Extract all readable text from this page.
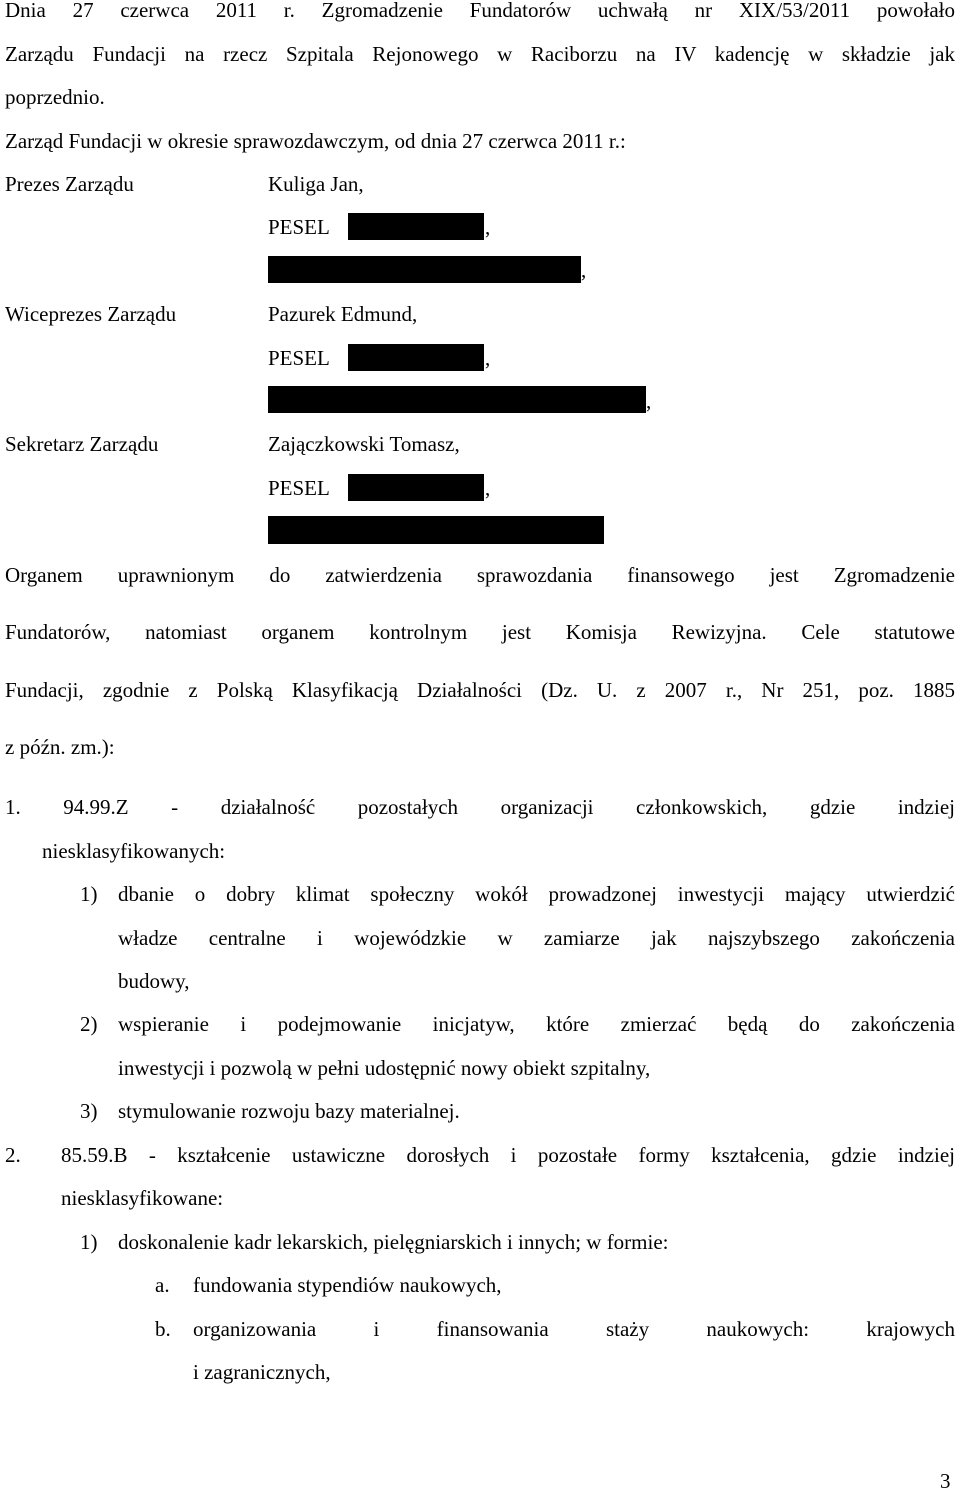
Dnia 27 czerwca 2011 r. Zgromadzenie Fundatorów uchwałą nr XIX/53/2011 powołało
Zarządu Fundacji na rzecz Szpitala Rejonowego w Raciborzu na IV kadencję w składzie jak
poprzednio.
Zarząd Fundacji w okresie sprawozdawczym, od dnia 27 czerwca 2011 r.:
Prezes Zarządu	Kuliga Jan,
PESEL	,
,
Wiceprezes Zarządu	Pazurek Edmund,
PESEL	,
,
Sekretarz Zarządu	Zajączkowski Tomasz,
PESEL	,
Organem uprawnionym do zatwierdzenia sprawozdania finansowego jest Zgromadzenie
Fundatorów, natomiast organem kontrolnym jest Komisja Rewizyjna. Cele statutowe
Fundacji, zgodnie z Polską Klasyfikacją Działalności (Dz. U. z 2007 r., Nr 251, poz. 1885
z późn. zm.):
1. 94.99.Z - działalność pozostałych organizacji członkowskich, gdzie indziej
niesklasyfikowanych:
1) dbanie o dobry klimat społeczny wokół prowadzonej inwestycji mający utwierdzić
władze centralne i wojewódzkie w zamiarze jak najszybszego zakończenia
budowy,
2) wspieranie i podejmowanie inicjatyw, które zmierzać będą do zakończenia
inwestycji i pozwolą w pełni udostępnić nowy obiekt szpitalny,
3) stymulowanie rozwoju bazy materialnej.
2. 85.59.B - kształcenie ustawiczne dorosłych i pozostałe formy kształcenia, gdzie indziej
niesklasyfikowane:
1) doskonalenie kadr lekarskich, pielęgniarskich i innych; w formie:
a. fundowania stypendiów naukowych,
b. organizowania i finansowania staży naukowych: krajowych
i zagranicznych,
3
